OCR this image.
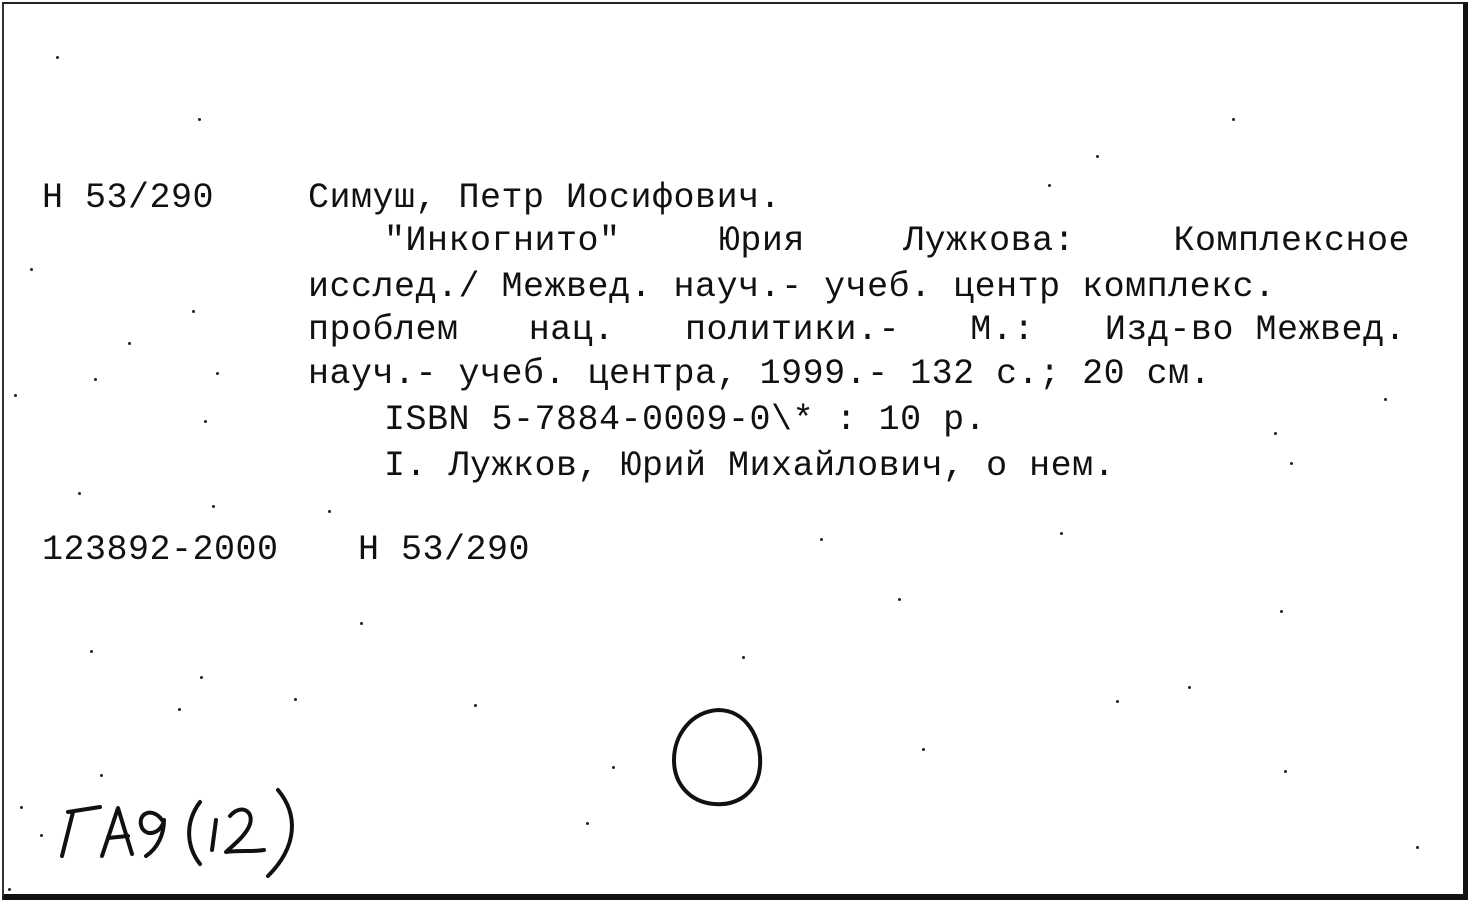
Н 53/290	Симуш, Петр Иосифович.
"Инкогнито"	Юрия	Лужкова:	Комплексное
исслед./ Межвед. науч.- учеб. центр комплекс.
проблем нац. политики.- М.: Изд-во Межвед.
науч.- учеб. центра, 1999.- 132 с.; 20 см.
ISBN 5-7884-0009-0\* : 10 р.
I. Лужков, Юрий Михайлович, о нем.
123892-2000 Н 53/290
